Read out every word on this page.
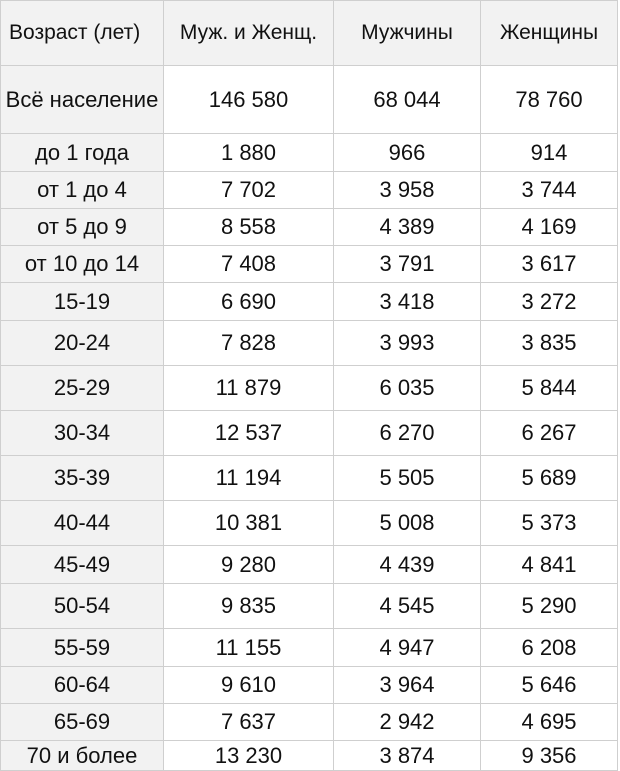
Возраст (лет)	Муж. и Женщ.	Мужчины	Женщины
Всё население	146 580	68 044	78 760
до 1 года	1 880	966	914
от 1 до 4	7 702	3 958	3 744
от 5 до 9	8 558	4 389	4 169
от 10 до 14	7 408	3 791	3 617
15-19	6 690	3 418	3 272
20-24	7 828	3 993	3 835
25-29	11 879	6 035	5 844
30-34	12 537	6 270	6 267
35-39	11 194	5 505	5 689
40-44	10 381	5 008	5 373
45-49	9 280	4 439	4 841
50-54	9 835	4 545	5 290
55-59	11 155	4 947	6 208
60-64	9 610	3 964	5 646
65-69	7 637	2 942	4 695
70 и более	13 230	3 874	9 356
